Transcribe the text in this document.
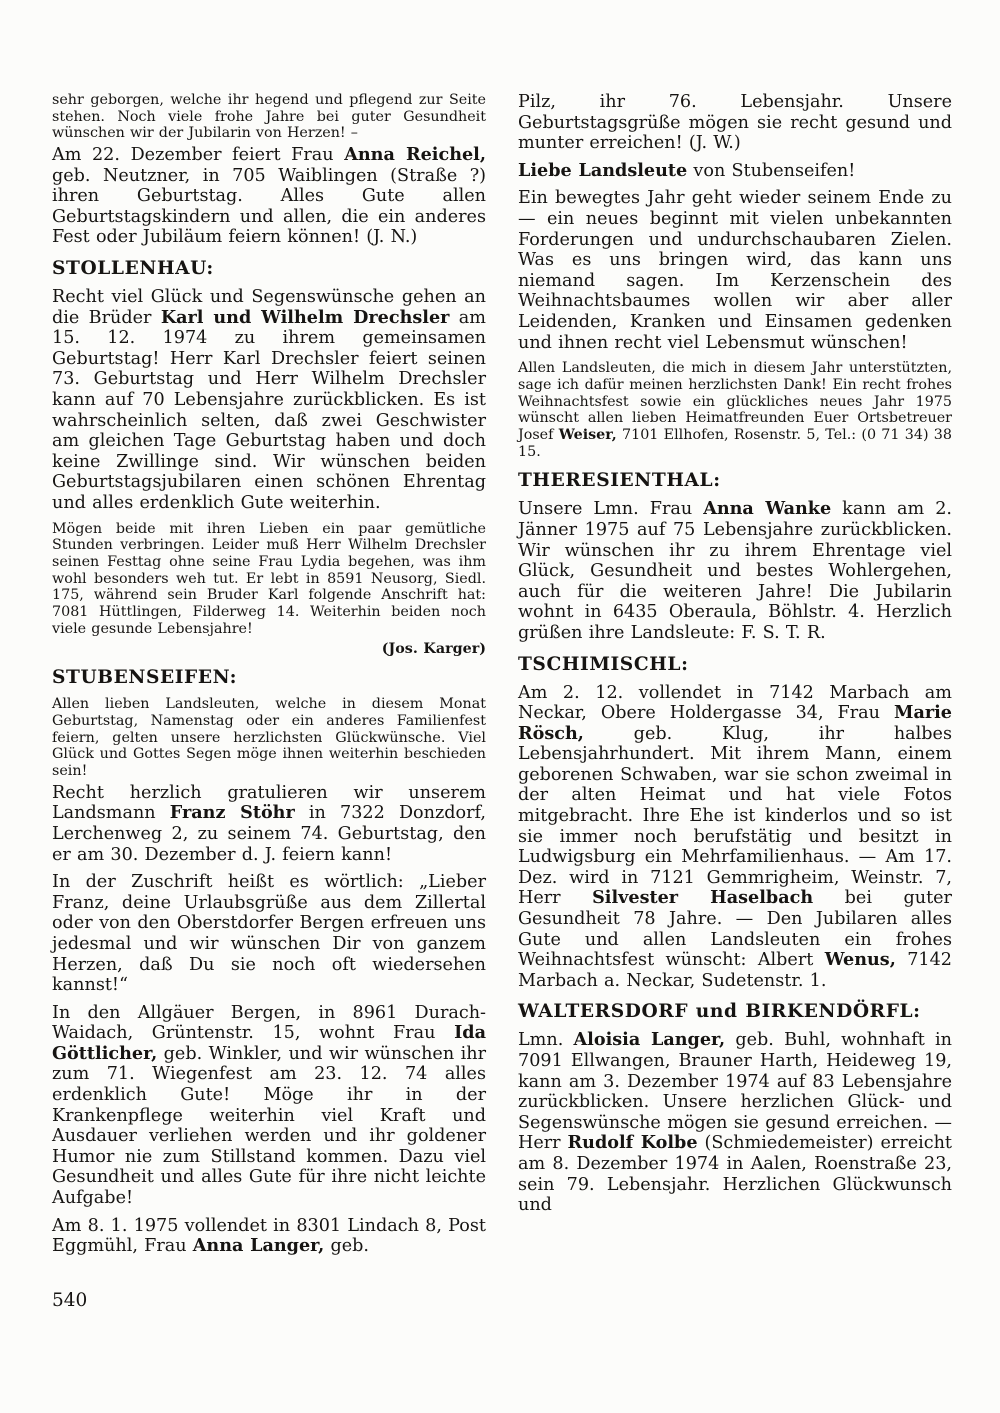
sehr geborgen, welche ihr hegend und pflegend zur Seite stehen. Noch viele frohe Jahre bei guter Gesundheit wünschen wir der Jubilarin von Herzen! –
Am 22. Dezember feiert Frau Anna Reichel, geb. Neutzner, in 705 Waiblingen (Straße ?) ihren Geburtstag. Alles Gute allen Geburtstagskindern und allen, die ein anderes Fest oder Jubiläum feiern können! (J. N.)
STOLLENHAU:
Recht viel Glück und Segenswünsche gehen an die Brüder Karl und Wilhelm Drechsler am 15. 12. 1974 zu ihrem gemeinsamen Geburtstag! Herr Karl Drechsler feiert seinen 73. Geburtstag und Herr Wilhelm Drechsler kann auf 70 Lebensjahre zurückblicken. Es ist wahrscheinlich selten, daß zwei Geschwister am gleichen Tage Geburtstag haben und doch keine Zwillinge sind. Wir wünschen beiden Geburtstagsjubilaren einen schönen Ehrentag und alles erdenklich Gute weiterhin.
Mögen beide mit ihren Lieben ein paar gemütliche Stunden verbringen. Leider muß Herr Wilhelm Drechsler seinen Festtag ohne seine Frau Lydia begehen, was ihm wohl besonders weh tut. Er lebt in 8591 Neusorg, Siedl. 175, während sein Bruder Karl folgende Anschrift hat: 7081 Hüttlingen, Filderweg 14. Weiterhin beiden noch viele gesunde Lebensjahre!
(Jos. Karger)
STUBENSEIFEN:
Allen lieben Landsleuten, welche in diesem Monat Geburtstag, Namenstag oder ein anderes Familienfest feiern, gelten unsere herzlichsten Glückwünsche. Viel Glück und Gottes Segen möge ihnen weiterhin beschieden sein!
Recht herzlich gratulieren wir unserem Landsmann Franz Stöhr in 7322 Donzdorf, Lerchenweg 2, zu seinem 74. Geburtstag, den er am 30. Dezember d. J. feiern kann!
In der Zuschrift heißt es wörtlich: „Lieber Franz, deine Urlaubsgrüße aus dem Zillertal oder von den Oberstdorfer Bergen erfreuen uns jedesmal und wir wünschen Dir von ganzem Herzen, daß Du sie noch oft wiedersehen kannst!“
In den Allgäuer Bergen, in 8961 Durach-Waidach, Grüntenstr. 15, wohnt Frau Ida Göttlicher, geb. Winkler, und wir wünschen ihr zum 71. Wiegenfest am 23. 12. 74 alles erdenklich Gute! Möge ihr in der Krankenpflege weiterhin viel Kraft und Ausdauer verliehen werden und ihr goldener Humor nie zum Stillstand kommen. Dazu viel Gesundheit und alles Gute für ihre nicht leichte Aufgabe!
Am 8. 1. 1975 vollendet in 8301 Lindach 8, Post Eggmühl, Frau Anna Langer, geb.
Pilz, ihr 76. Lebensjahr. Unsere Geburtstagsgrüße mögen sie recht gesund und munter erreichen! (J. W.)
Liebe Landsleute von Stubenseifen!
Ein bewegtes Jahr geht wieder seinem Ende zu — ein neues beginnt mit vielen unbekannten Forderungen und undurchschaubaren Zielen. Was es uns bringen wird, das kann uns niemand sagen. Im Kerzenschein des Weihnachtsbaumes wollen wir aber aller Leidenden, Kranken und Einsamen gedenken und ihnen recht viel Lebensmut wünschen!
Allen Landsleuten, die mich in diesem Jahr unterstützten, sage ich dafür meinen herzlichsten Dank! Ein recht frohes Weihnachtsfest sowie ein glückliches neues Jahr 1975 wünscht allen lieben Heimatfreunden Euer Ortsbetreuer Josef Weiser, 7101 Ellhofen, Rosenstr. 5, Tel.: (0 71 34) 38 15.
THERESIENTHAL:
Unsere Lmn. Frau Anna Wanke kann am 2. Jänner 1975 auf 75 Lebensjahre zurückblicken. Wir wünschen ihr zu ihrem Ehrentage viel Glück, Gesundheit und bestes Wohlergehen, auch für die weiteren Jahre! Die Jubilarin wohnt in 6435 Oberaula, Böhlstr. 4. Herzlich grüßen ihre Landsleute: F. S. T. R.
TSCHIMISCHL:
Am 2. 12. vollendet in 7142 Marbach am Neckar, Obere Holdergasse 34, Frau Marie Rösch, geb. Klug, ihr halbes Lebensjahrhundert. Mit ihrem Mann, einem geborenen Schwaben, war sie schon zweimal in der alten Heimat und hat viele Fotos mitgebracht. Ihre Ehe ist kinderlos und so ist sie immer noch berufstätig und besitzt in Ludwigsburg ein Mehrfamilienhaus. — Am 17. Dez. wird in 7121 Gemmrigheim, Weinstr. 7, Herr Silvester Haselbach bei guter Gesundheit 78 Jahre. — Den Jubilaren alles Gute und allen Landsleuten ein frohes Weihnachtsfest wünscht: Albert Wenus, 7142 Marbach a. Neckar, Sudetenstr. 1.
WALTERSDORF und BIRKENDÖRFL:
Lmn. Aloisia Langer, geb. Buhl, wohnhaft in 7091 Ellwangen, Brauner Harth, Heideweg 19, kann am 3. Dezember 1974 auf 83 Lebensjahre zurückblicken. Unsere herzlichen Glück- und Segenswünsche mögen sie gesund erreichen. — Herr Rudolf Kolbe (Schmiedemeister) erreicht am 8. Dezember 1974 in Aalen, Roenstraße 23, sein 79. Lebensjahr. Herzlichen Glückwunsch und
540
